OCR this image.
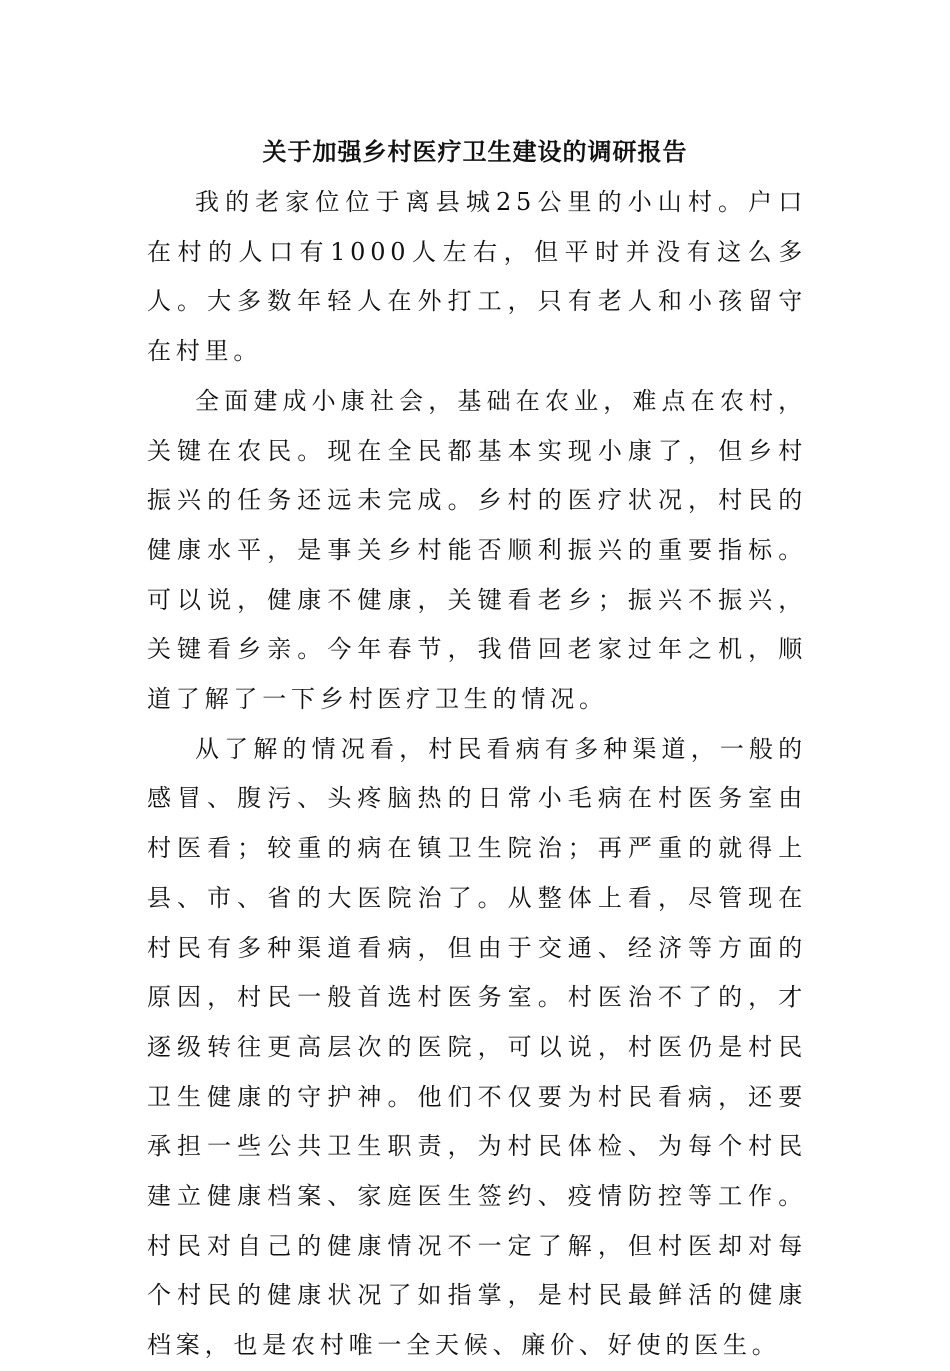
关于加强乡村医疗卫生建设的调研报告

我的老家位位于离县城25公里的小山村。户口在村的人口有1000人左右，但平时并没有这么多人。大多数年轻人在外打工，只有老人和小孩留守在村里。

全面建成小康社会，基础在农业，难点在农村，关键在农民。现在全民都基本实现小康了，但乡村振兴的任务还远未完成。乡村的医疗状况，村民的健康水平，是事关乡村能否顺利振兴的重要指标。可以说，健康不健康，关键看老乡；振兴不振兴，关键看乡亲。今年春节，我借回老家过年之机，顺道了解了一下乡村医疗卫生的情况。

从了解的情况看，村民看病有多种渠道，一般的感冒、腹污、头疼脑热的日常小毛病在村医务室由村医看；较重的病在镇卫生院治；再严重的就得上县、市、省的大医院治了。从整体上看，尽管现在村民有多种渠道看病，但由于交通、经济等方面的原因，村民一般首选村医务室。村医治不了的，才逐级转往更高层次的医院，可以说，村医仍是村民卫生健康的守护神。他们不仅要为村民看病，还要承担一些公共卫生职责，为村民体检、为每个村民建立健康档案、家庭医生签约、疫情防控等工作。村民对自己的健康情况不一定了解，但村医却对每个村民的健康状况了如指掌，是村民最鲜活的健康档案，也是农村唯一全天候、廉价、好使的医生。
